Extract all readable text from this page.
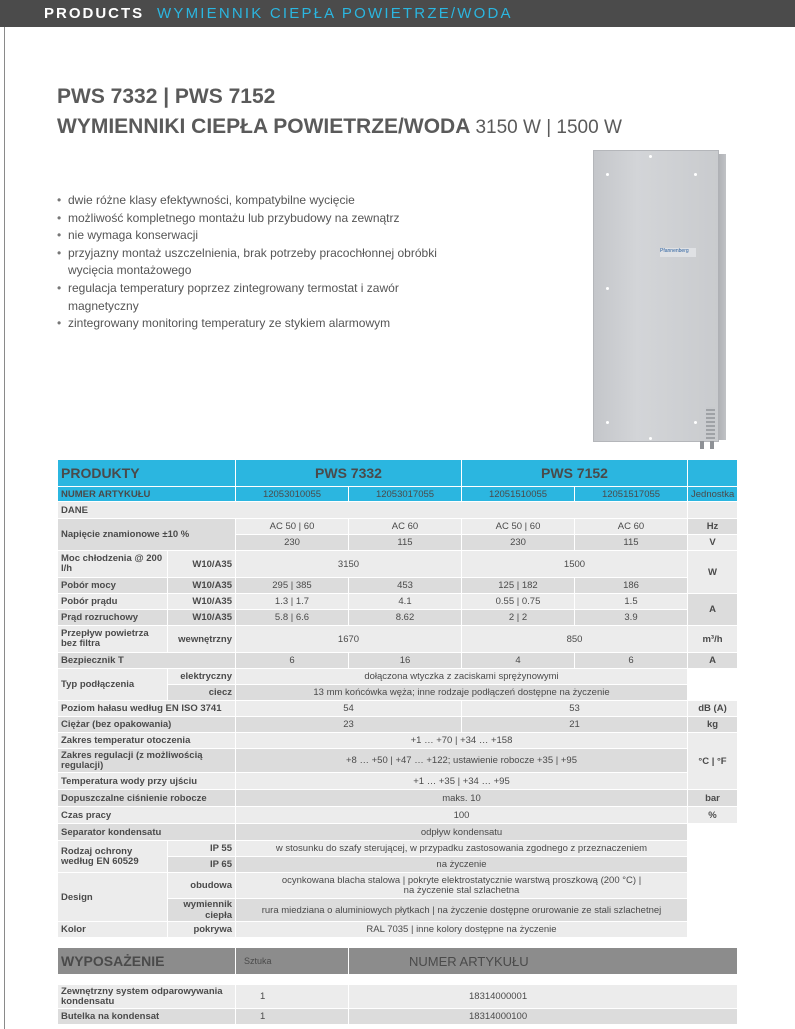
PRODUCTS WYMIENNIK CIEPŁA POWIETRZE/WODA
PWS 7332 | PWS 7152
WYMIENNIKI CIEPŁA POWIETRZE/WODA 3150 W | 1500 W
• dwie różne klasy efektywności, kompatybilne wycięcie
• możliwość kompletnego montażu lub przybudowy na zewnątrz
• nie wymaga konserwacji
• przyjazny montaż uszczelnienia, brak potrzeby pracochłonnej obróbki wycięcia montażowego
• regulacja temperatury poprzez zintegrowany termostat i zawór magnetyczny
• zintegrowany monitoring temperatury ze stykiem alarmowym
Pfannenberg
PRODUKTY		PWS 7332		PWS 7152		
NUMER ARTYKUŁU		12053010055	12053017055	12051510055	12051517055	Jednostka
DANE						
Napięcie znamionowe ±10 %		AC 50 | 60	AC 60	AC 50 | 60	AC 60	Hz
		230	115	230	115	V
Moc chłodzenia @ 200 l/h	W10/A35	3150		1500		W
Pobór mocy	W10/A35	295 | 385	453	125 | 182	186	
Pobór prądu	W10/A35	1.3 | 1.7	4.1	0.55 | 0.75	1.5	A
Prąd rozruchowy	W10/A35	5.8 | 6.6	8.62	2 | 2	3.9	
Przepływ powietrza bez filtra	wewnętrzny	1670		850		m³/h
Bezpiecznik T		6	16	4	6	A
Typ podłączenia	elektryczny	dołączona wtyczka z zaciskami sprężynowymi				
	ciecz	13 mm końcówka węża; inne rodzaje podłączeń dostępne na życzenie				
Poziom hałasu według EN ISO 3741		54		53		dB (A)
Ciężar (bez opakowania)		23		21		kg
Zakres temperatur otoczenia		+1 … +70 | +34 … +158				°C | °F
Zakres regulacji (z możliwością regulacji)		+8 … +50 | +47 … +122; ustawienie robocze +35 | +95				
Temperatura wody przy ujściu		+1 … +35 | +34 … +95				
Dopuszczalne ciśnienie robocze		maks. 10				bar
Czas pracy		100				%
Separator kondensatu		odpływ kondensatu				
Rodzaj ochrony według EN 60529	IP 55	w stosunku do szafy sterującej, w przypadku zastosowania zgodnego z przeznaczeniem				
	IP 65	na życzenie				
Design	obudowa	ocynkowana blacha stalowa | pokryte elektrostatycznie warstwą proszkową (200 °C) |
na życzenie stal szlachetna				

	wymiennik ciepła	rura miedziana o aluminiowych płytkach | na życzenie dostępne orurowanie ze stali szlachetnej				
Kolor	pokrywa	RAL 7035 | inne kolory dostępne na życzenie				

WYPOSAŻENIE		Sztuka	NUMER ARTYKUŁU			

Zewnętrzny system odparowywania kondensatu		1	18314000001			
Butelka na kondensat		1	18314000100			
